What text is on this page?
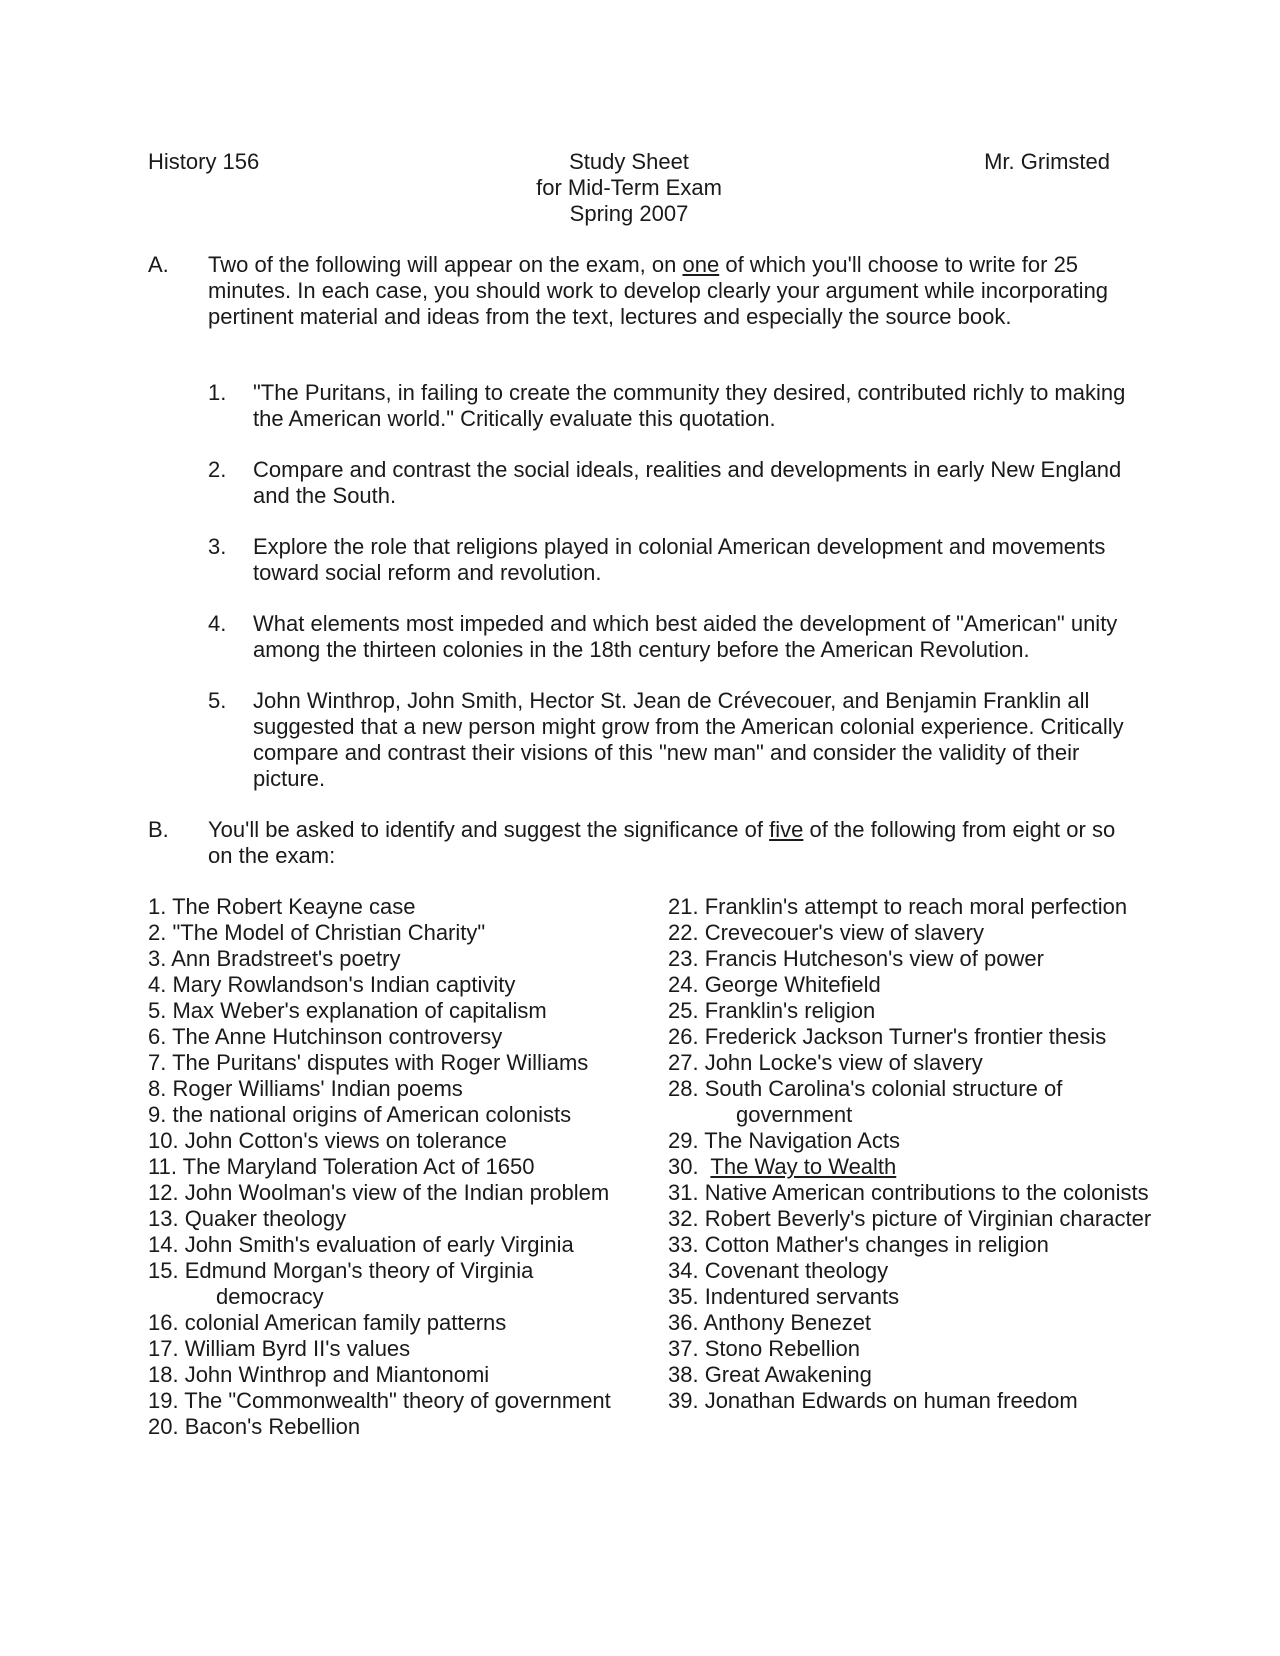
History 156	Study Sheet
for Mid-Term Exam
Spring 2007
Mr. Grimsted
A. Two of the following will appear on the exam, on one of which you'll choose to write for 25 minutes. In each case, you should work to develop clearly your argument while incorporating pertinent material and ideas from the text, lectures and especially the source book.
1. "The Puritans, in failing to create the community they desired, contributed richly to making the American world." Critically evaluate this quotation.
2. Compare and contrast the social ideals, realities and developments in early New England and the South.
3. Explore the role that religions played in colonial American development and movements toward social reform and revolution.
4. What elements most impeded and which best aided the development of "American" unity among the thirteen colonies in the 18th century before the American Revolution.
5. John Winthrop, John Smith, Hector St. Jean de Crévecouer, and Benjamin Franklin all suggested that a new person might grow from the American colonial experience. Critically compare and contrast their visions of this "new man" and consider the validity of their picture.
B. You'll be asked to identify and suggest the significance of five of the following from eight or so on the exam:
1. The Robert Keayne case
2. "The Model of Christian Charity"
3. Ann Bradstreet's poetry
4. Mary Rowlandson's Indian captivity
5. Max Weber's explanation of capitalism
6. The Anne Hutchinson controversy
7. The Puritans' disputes with Roger Williams
8. Roger Williams' Indian poems
9. the national origins of American colonists
10. John Cotton's views on tolerance
11. The Maryland Toleration Act of 1650
12. John Woolman's view of the Indian problem
13. Quaker theology
14. John Smith's evaluation of early Virginia
15. Edmund Morgan's theory of Virginia
democracy
16. colonial American family patterns
17. William Byrd II's values
18. John Winthrop and Miantonomi
19. The "Commonwealth" theory of government
20. Bacon's Rebellion
21. Franklin's attempt to reach moral perfection
22. Crevecouer's view of slavery
23. Francis Hutcheson's view of power
24. George Whitefield
25. Franklin's religion
26. Frederick Jackson Turner's frontier thesis
27. John Locke's view of slavery
28. South Carolina's colonial structure of
government
29. The Navigation Acts
30. The Way to Wealth
31. Native American contributions to the colonists
32. Robert Beverly's picture of Virginian character
33. Cotton Mather's changes in religion
34. Covenant theology
35. Indentured servants
36. Anthony Benezet
37. Stono Rebellion
38. Great Awakening
39. Jonathan Edwards on human freedom
